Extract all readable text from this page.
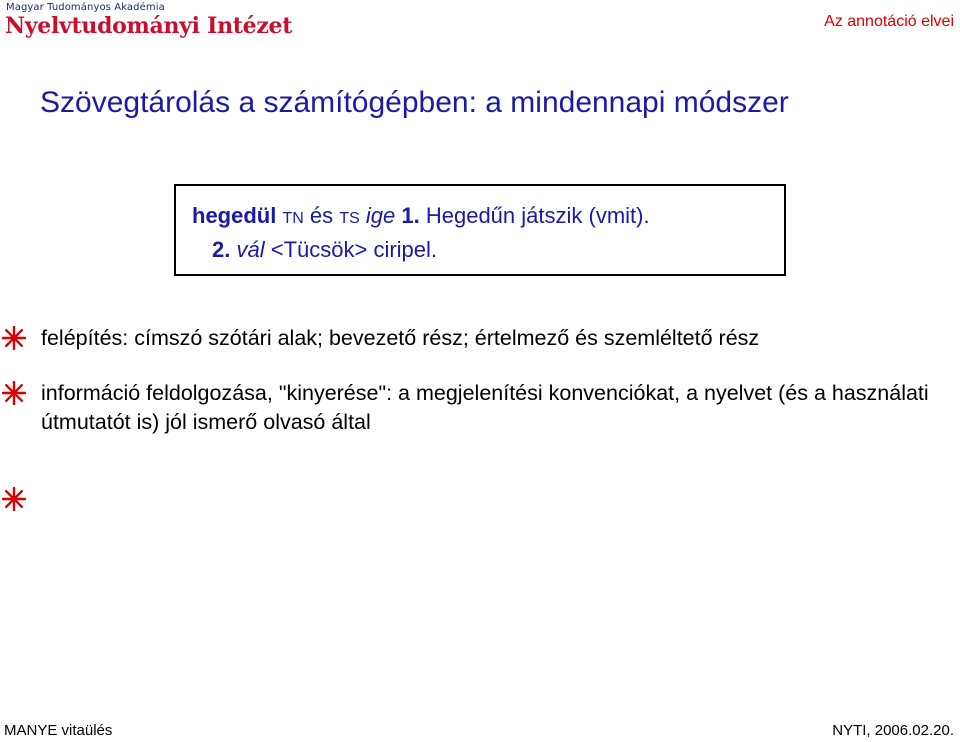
Magyar Tudományos Akadémia
Nyelvtudományi Intézet	Az annotáció elvei
Szövegtárolás a számítógépben: a mindennapi módszer
hegedül TN és TS ige 1. Hegedűn játszik (vmit).
2. vál <Tücsök> ciripel.
felépítés: címszó szótári alak; bevezető rész; értelmező és szemléltető rész
információ feldolgozása, "kinyerése": a megjelenítési konvenciókat, a nyelvet (és a használati útmutatót is) jól ismerő olvasó által
MANYE vitaülés	NYTI, 2006.02.20.
